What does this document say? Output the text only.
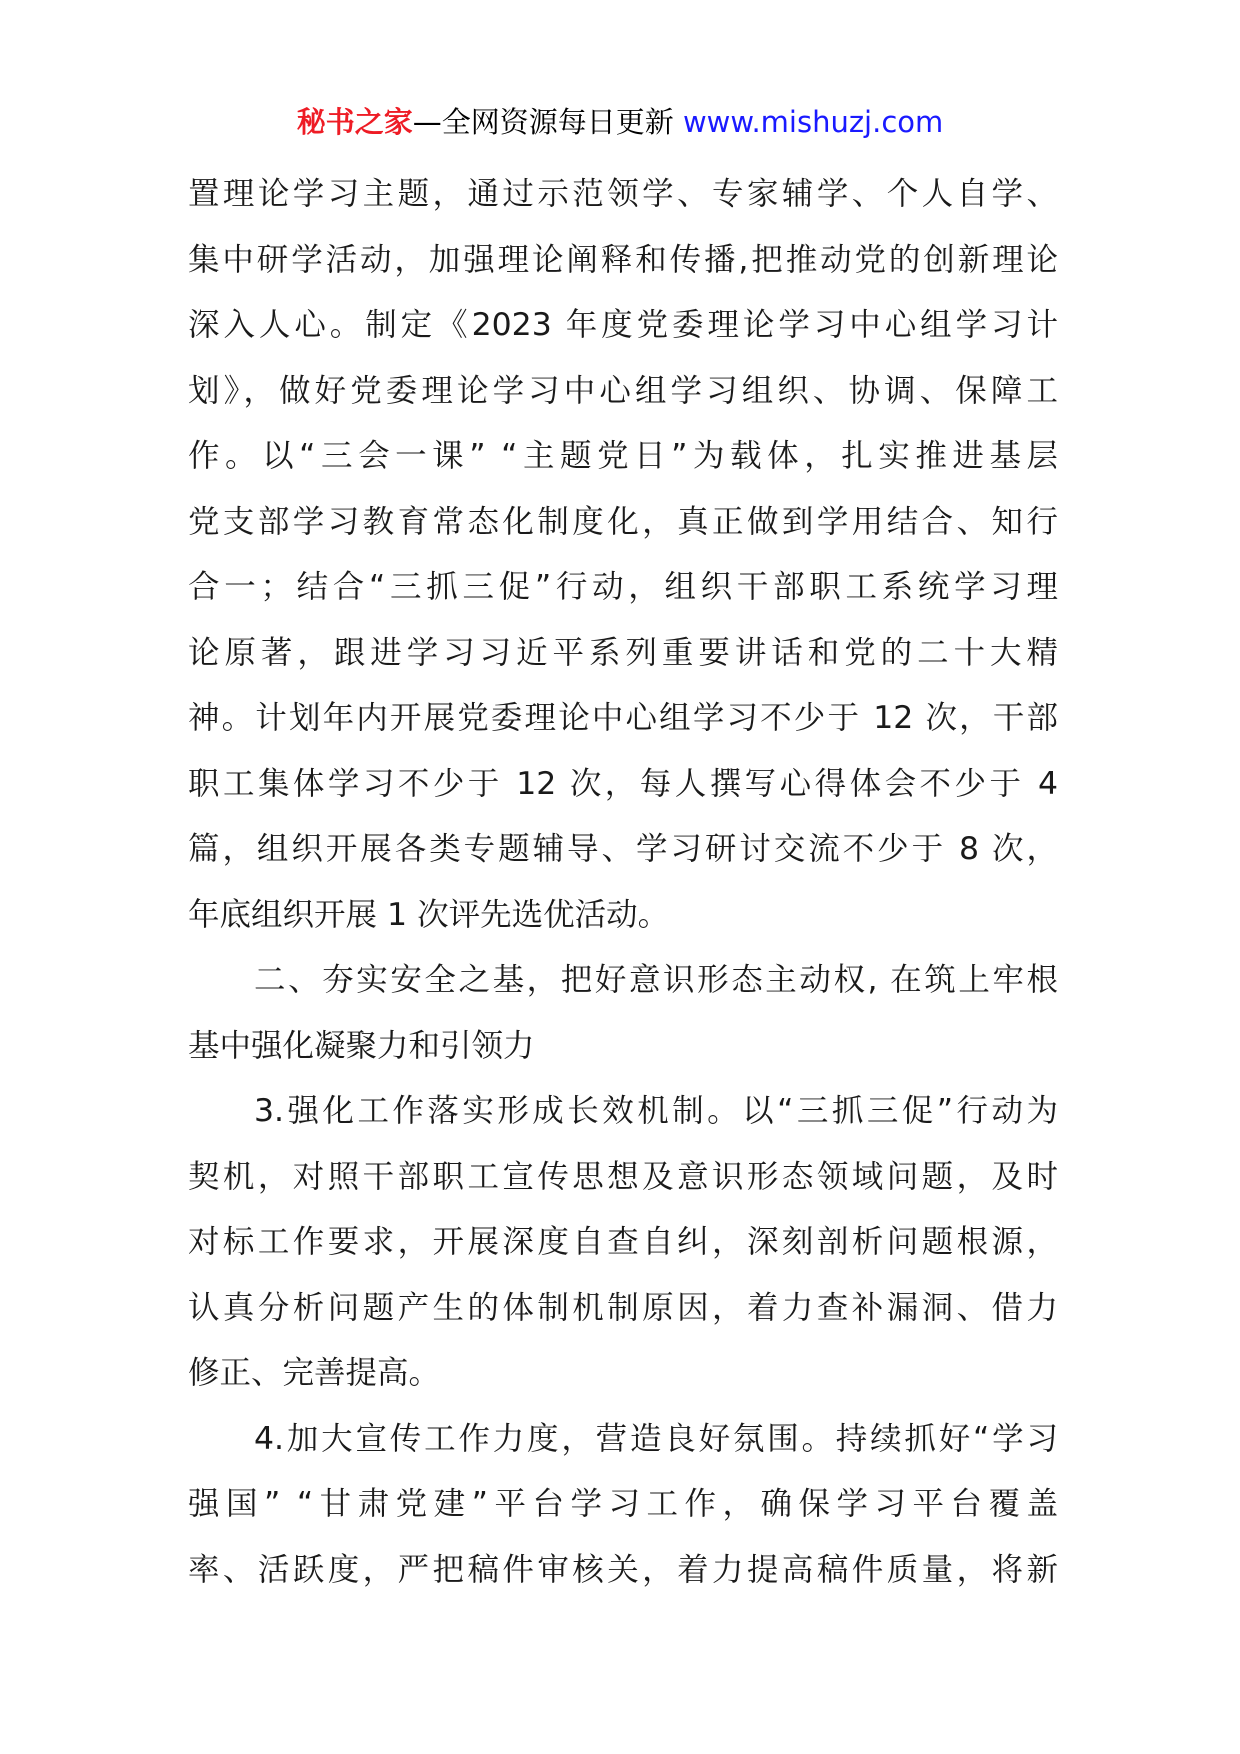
秘书之家—全网资源每日更新 www.mishuzj.com
置理论学习主题，通过示范领学、专家辅学、个人自学、
集中研学活动，加强理论阐释和传播,把推动党的创新理论
深入人心。制定《2023 年度党委理论学习中心组学习计
划》，做好党委理论学习中心组学习组织、协调、保障工
作。以“三会一课” “主题党日”为载体，扎实推进基层
党支部学习教育常态化制度化，真正做到学用结合、知行
合一；结合“三抓三促”行动，组织干部职工系统学习理
论原著，跟进学习习近平系列重要讲话和党的二十大精
神。计划年内开展党委理论中心组学习不少于 12 次，干部
职工集体学习不少于 12 次，每人撰写心得体会不少于 4
篇，组织开展各类专题辅导、学习研讨交流不少于 8 次，
年底组织开展 1 次评先选优活动。
二、夯实安全之基，把好意识形态主动权, 在筑上牢根
基中强化凝聚力和引领力
3.强化工作落实形成长效机制。以“三抓三促”行动为
契机，对照干部职工宣传思想及意识形态领域问题，及时
对标工作要求，开展深度自查自纠，深刻剖析问题根源，
认真分析问题产生的体制机制原因，着力查补漏洞、借力
修正、完善提高。
4.加大宣传工作力度，营造良好氛围。持续抓好“学习
强国” “甘肃党建”平台学习工作，确保学习平台覆盖
率、活跃度，严把稿件审核关，着力提高稿件质量，将新
